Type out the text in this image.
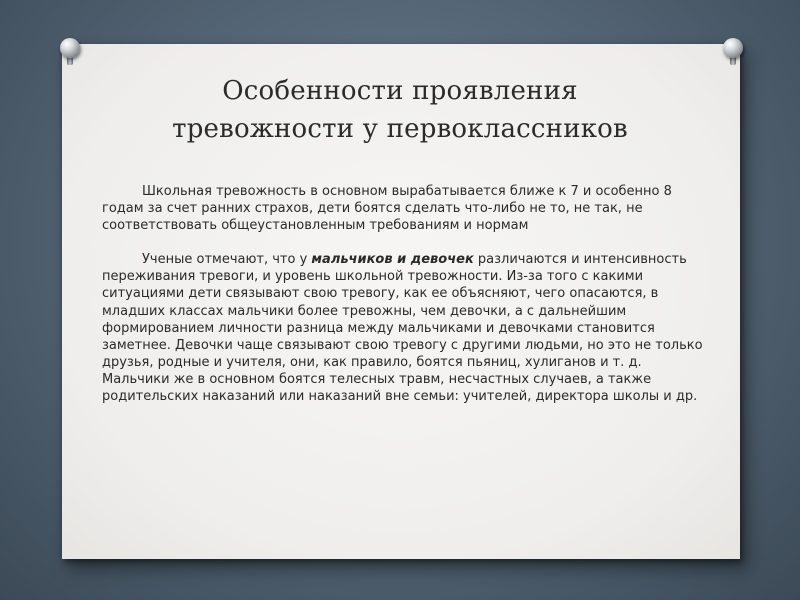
Особенности проявления
тревожности у первоклассников

Школьная тревожность в основном вырабатывается ближе к 7 и особенно 8 годам за счет ранних страхов, дети боятся сделать что-либо не то, не так, не соответствовать общеустановленным требованиям и нормам

Ученые отмечают, что у мальчиков и девочек различаются и интенсивность переживания тревоги, и уровень школьной тревожности. Из-за того с какими ситуациями дети связывают свою тревогу, как ее объясняют, чего опасаются, в младших классах мальчики более тревожны, чем девочки, а с дальнейшим формированием личности разница между мальчиками и девочками становится заметнее. Девочки чаще связывают свою тревогу с другими людьми, но это не только друзья, родные и учителя, они, как правило, боятся пьяниц, хулиганов и т. д. Мальчики же в основном боятся телесных травм, несчастных случаев, а также родительских наказаний или наказаний вне семьи: учителей, директора школы и др.
